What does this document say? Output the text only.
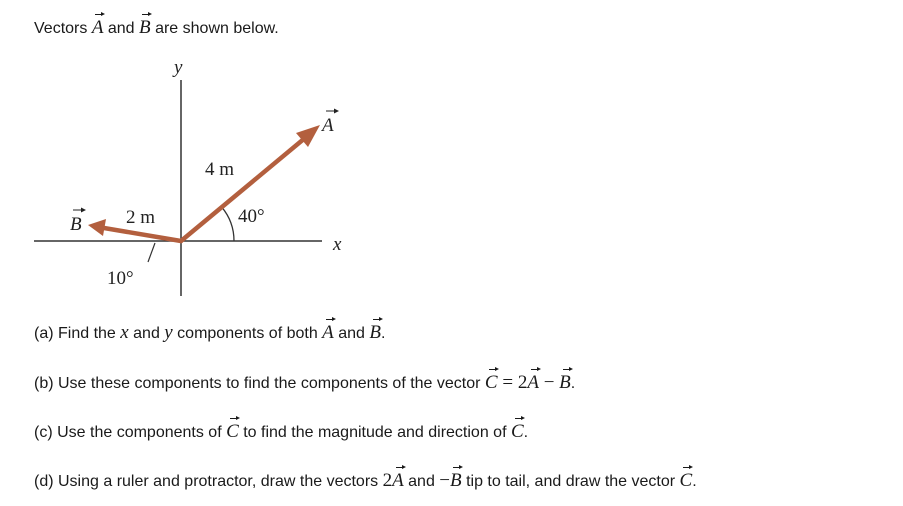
Vectors A and B are shown below.
y
x
4 m
2 m	40°
10°
A
B
(a) Find the x and y components of both A and B.
(b) Use these components to find the components of the vector C = 2A − B.
(c) Use the components of C to find the magnitude and direction of C.
(d) Using a ruler and protractor, draw the vectors 2A and −B tip to tail, and draw the vector C.
